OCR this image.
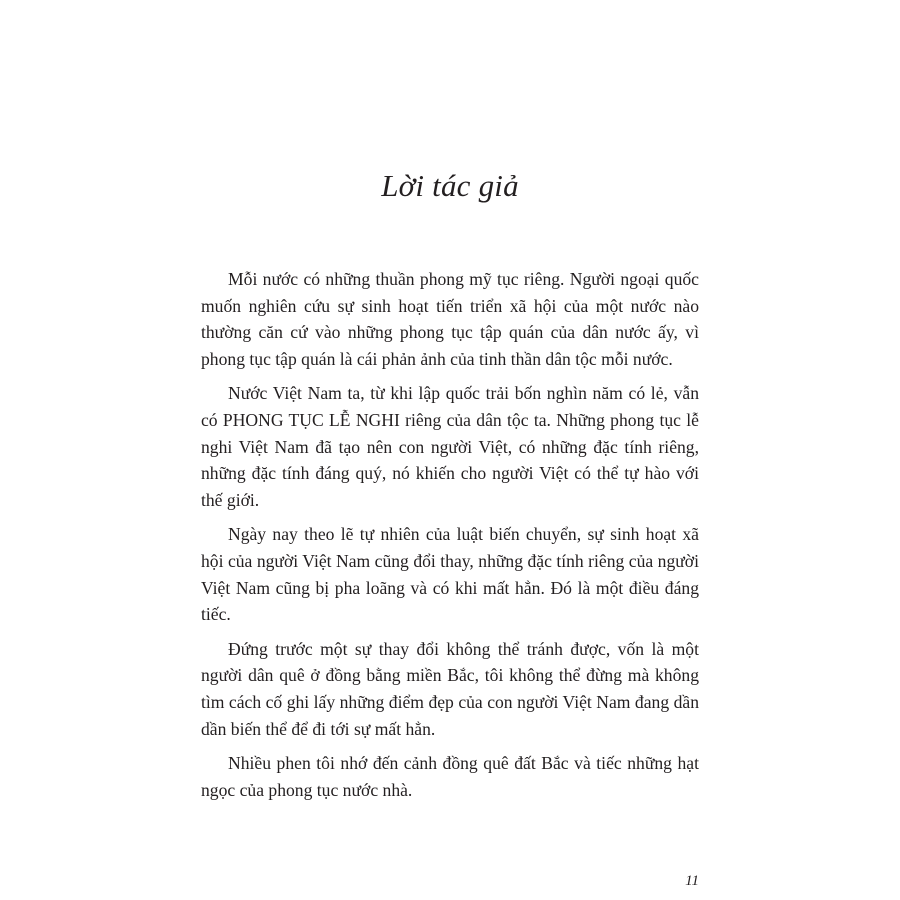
Lời tác giả

Mỗi nước có những thuần phong mỹ tục riêng. Người ngoại quốc muốn nghiên cứu sự sinh hoạt tiến triển xã hội của một nước nào thường căn cứ vào những phong tục tập quán của dân nước ấy, vì phong tục tập quán là cái phản ảnh của tinh thần dân tộc mỗi nước.

Nước Việt Nam ta, từ khi lập quốc trải bốn nghìn năm có lẻ, vẫn có PHONG TỤC LỄ NGHI riêng của dân tộc ta. Những phong tục lễ nghi Việt Nam đã tạo nên con người Việt, có những đặc tính riêng, những đặc tính đáng quý, nó khiến cho người Việt có thể tự hào với thế giới.

Ngày nay theo lẽ tự nhiên của luật biến chuyển, sự sinh hoạt xã hội của người Việt Nam cũng đổi thay, những đặc tính riêng của người Việt Nam cũng bị pha loãng và có khi mất hẳn. Đó là một điều đáng tiếc.

Đứng trước một sự thay đổi không thể tránh được, vốn là một người dân quê ở đồng bằng miền Bắc, tôi không thể đừng mà không tìm cách cố ghi lấy những điểm đẹp của con người Việt Nam đang dần dần biến thể để đi tới sự mất hẳn.

Nhiều phen tôi nhớ đến cảnh đồng quê đất Bắc và tiếc những hạt ngọc của phong tục nước nhà.

11
